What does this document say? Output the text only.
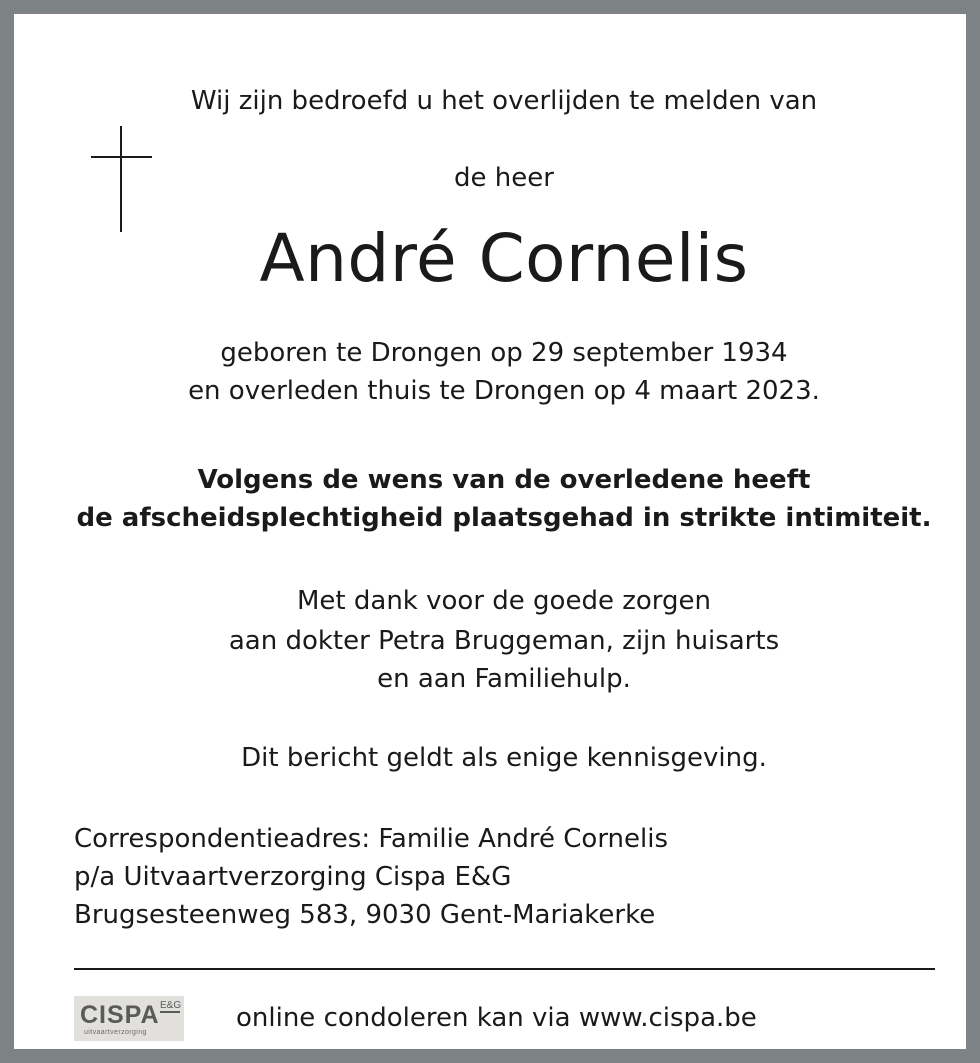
Wij zijn bedroefd u het overlijden te melden van
de heer
André Cornelis
geboren te Drongen op 29 september 1934
en overleden thuis te Drongen op 4 maart 2023.
Volgens de wens van de overledene heeft
de afscheidsplechtigheid plaatsgehad in strikte intimiteit.
Met dank voor de goede zorgen
aan dokter Petra Bruggeman, zijn huisarts
en aan Familiehulp.
Dit bericht geldt als enige kennisgeving.
Correspondentieadres: Familie André Cornelis
p/a Uitvaartverzorging Cispa E&G
Brugsesteenweg 583, 9030 Gent-Mariakerke
CISPA E&G
uitvaartverzorging	online condoleren kan via www.cispa.be
